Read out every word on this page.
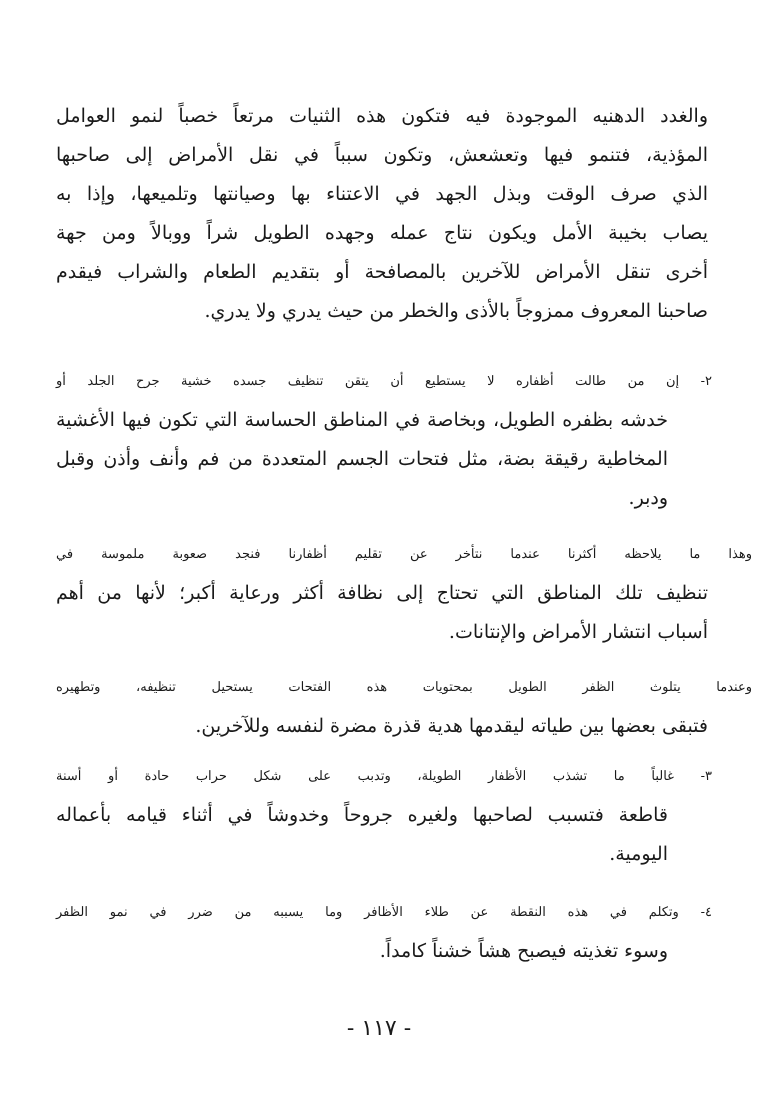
والغدد الدهنيه الموجودة فيه فتكون هذه الثنيات مرتعاً خصباً لنمو العوامل
المؤذية، فتنمو فيها وتعشعش، وتكون سبباً في نقل الأمراض إلى صاحبها
الذي صرف الوقت وبذل الجهد في الاعتناء بها وصيانتها وتلميعها، وإذا به
يصاب بخيبة الأمل ويكون نتاج عمله وجهده الطويل شراً ووبالاً ومن جهة
أخرى تنقل الأمراض للآخرين بالمصافحة أو بتقديم الطعام والشراب فيقدم
صاحبنا المعروف ممزوجاً بالأذى والخطر من حيث يدري ولا يدري.
٢- إن من طالت أظفاره لا يستطيع أن يتقن تنظيف جسده خشية جرح الجلد أو
خدشه بظفره الطويل، وبخاصة في المناطق الحساسة التي تكون فيها الأغشية
المخاطية رقيقة بضة، مثل فتحات الجسم المتعددة من فم وأنف وأذن وقبل
ودبر.
وهذا ما يلاحظه أكثرنا عندما نتأخر عن تقليم أظفارنا فنجد صعوبة ملموسة في
تنظيف تلك المناطق التي تحتاج إلى نظافة أكثر ورعاية أكبر؛ لأنها من أهم
أسباب انتشار الأمراض والإنتانات.
وعندما يتلوث الظفر الطويل بمحتويات هذه الفتحات يستحيل تنظيفه، وتطهيره
فتبقى بعضها بين طياته ليقدمها هدية قذرة مضرة لنفسه وللآخرين.
٣- غالباً ما تشذب الأظفار الطويلة، وتدبب على شكل حراب حادة أو أسنة
قاطعة فتسبب لصاحبها ولغيره جروحاً وخدوشاً في أثناء قيامه بأعماله
اليومية.
٤- وتكلم في هذه النقطة عن طلاء الأظافر وما يسببه من ضرر في نمو الظفر
وسوء تغذيته فيصبح هشاً خشناً كامداً.
- ١١٧ -
